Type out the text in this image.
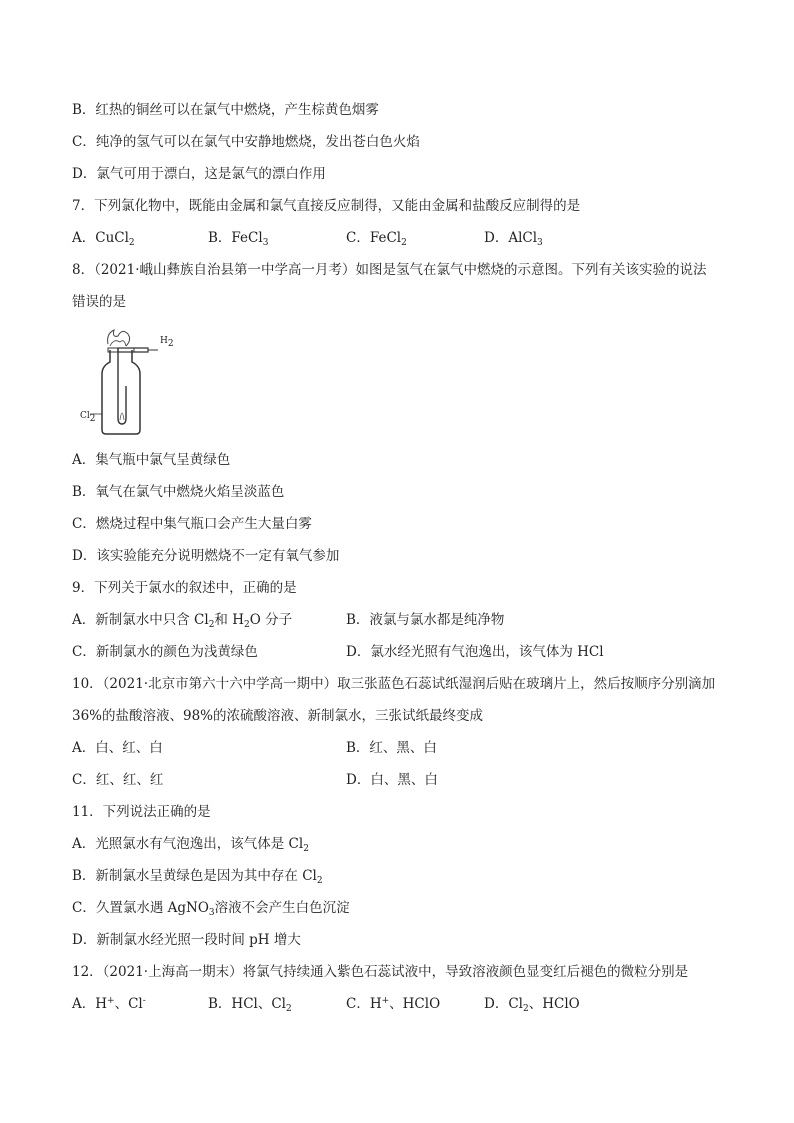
B．红热的铜丝可以在氯气中燃烧，产生棕黄色烟雾
C．纯净的氢气可以在氯气中安静地燃烧，发出苍白色火焰
D．氯气可用于漂白，这是氯气的漂白作用
7．下列氯化物中，既能由金属和氯气直接反应制得，又能由金属和盐酸反应制得的是
A．CuCl$_2$	B．FeCl$_3$	C．FeCl$_2$	D．AlCl$_3$
8．（2021·峨山彝族自治县第一中学高一月考）如图是氢气在氯气中燃烧的示意图。下列有关该实验的说法
错误的是
$H_2$
$Cl_2$
A．集气瓶中氯气呈黄绿色
B．氧气在氯气中燃烧火焰呈淡蓝色
C．燃烧过程中集气瓶口会产生大量白雾
D．该实验能充分说明燃烧不一定有氧气参加
9．下列关于氯水的叙述中，正确的是
A．新制氯水中只含 $Cl_2$和 $H_2O$ 分子	B．液氯与氯水都是纯净物
C．新制氯水的颜色为浅黄绿色	D．氯水经光照有气泡逸出，该气体为 HCl
10．（2021·北京市第六十六中学高一期中）取三张蓝色石蕊试纸湿润后贴在玻璃片上，然后按顺序分别滴加
36%的盐酸溶液、98%的浓硫酸溶液、新制氯水，三张试纸最终变成
A．白、红、白	B．红、黑、白
C．红、红、红	D．白、黑、白
11．下列说法正确的是
A．光照氯水有气泡逸出，该气体是 $Cl_2$
B．新制氯水呈黄绿色是因为其中存在 $Cl_2$
C．久置氯水遇 AgNO$_3$溶液不会产生白色沉淀
D．新制氯水经光照一段时间 pH 增大
12．（2021·上海高一期末）将氯气持续通入紫色石蕊试液中，导致溶液颜色显变红后褪色的微粒分别是
A．H+、Cl-	B．HCl、$Cl_2$	C．H+、HClO	D．$Cl_2$、HClO
